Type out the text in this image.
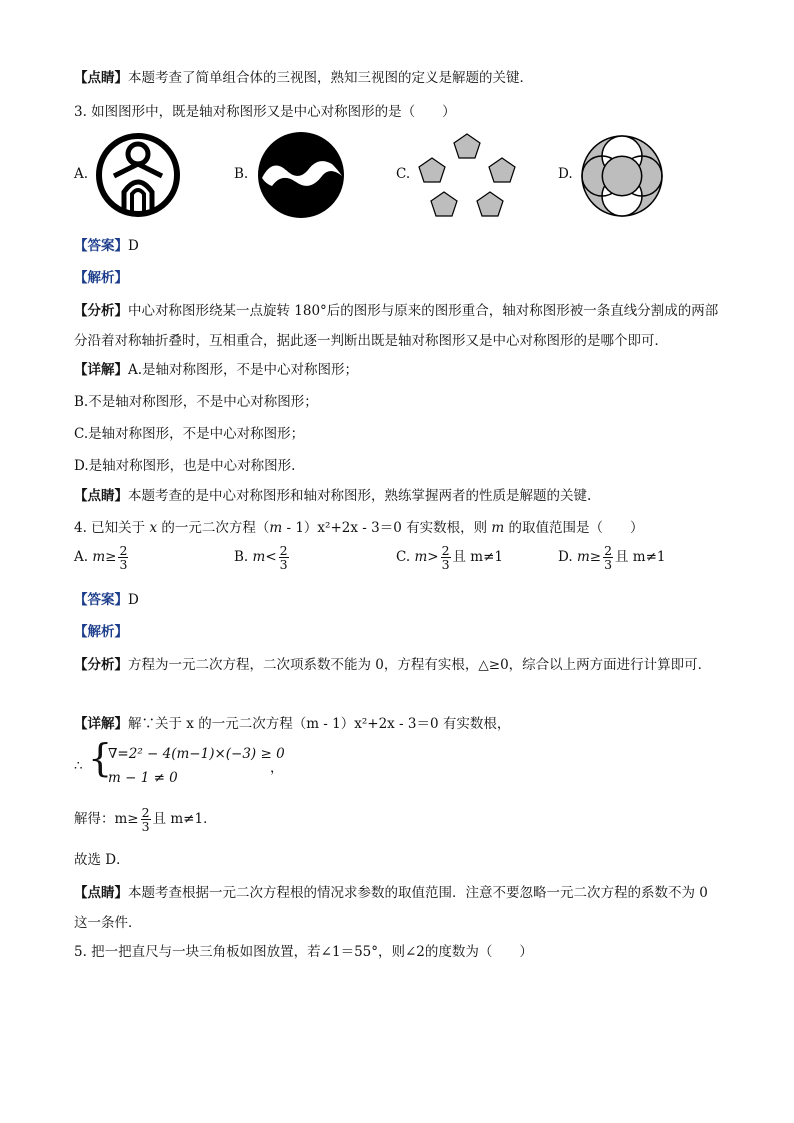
【点睛】本题考查了简单组合体的三视图，熟知三视图的定义是解题的关键．
3. 如图图形中，既是轴对称图形又是中心对称图形的是（　　）
A.	B.	C.	D.
【答案】D
【解析】
【分析】中心对称图形绕某一点旋转 180°后的图形与原来的图形重合，轴对称图形被一条直线分割成的两部分沿着对称轴折叠时，互相重合，据此逐一判断出既是轴对称图形又是中心对称图形的是哪个即可．
【详解】A.是轴对称图形，不是中心对称图形；
B.不是轴对称图形，不是中心对称图形；
C.是轴对称图形，不是中心对称图形；
D.是轴对称图形，也是中心对称图形.
【点睛】本题考查的是中心对称图形和轴对称图形，熟练掌握两者的性质是解题的关键.
4. 已知关于 x 的一元二次方程（m - 1）x²+2x - 3＝0 有实数根，则 m 的取值范围是（　　）
A. $m\ge \frac{2}{3}$	B. $m< \frac{2}{3}$	C. $m> \frac{2}{3}$ 且 m≠1	D. $m\ge \frac{2}{3}$ 且 m≠1
【答案】D
【解析】
【分析】方程为一元二次方程，二次项系数不能为 0，方程有实根，△≥0，综合以上两方面进行计算即可．
【详解】解∵关于 x 的一元二次方程（m - 1）x²+2x - 3＝0 有实数根，
∴ {
∇=2² − 4(m−1)×(−3) ≥ 0
m − 1 ≠ 0
，
解得：$m\ge \frac{2}{3}$ 且 m≠1．
故选 D．
【点睛】本题考查根据一元二次方程根的情况求参数的取值范围．注意不要忽略一元二次方程的系数不为 0 这一条件．
5. 把一把直尺与一块三角板如图放置，若∠1＝55°，则∠2的度数为（　　）
